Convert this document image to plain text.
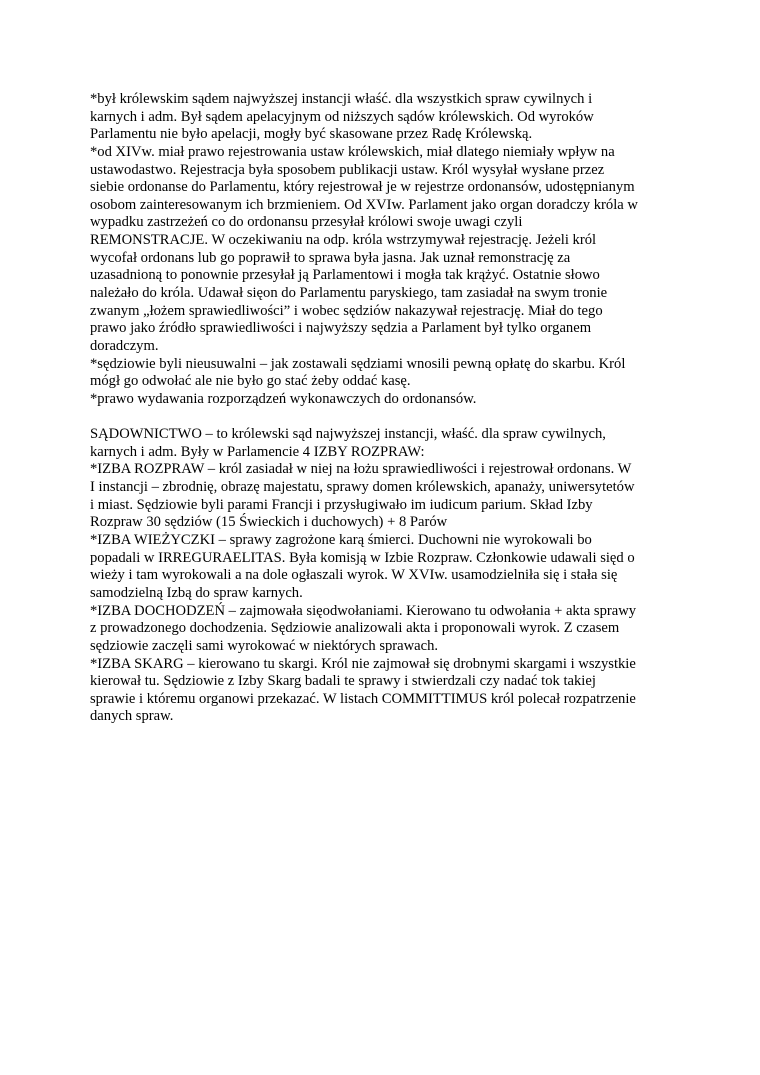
*był królewskim sądem najwyższej instancji właść. dla wszystkich spraw cywilnych i
karnych i adm. Był sądem apelacyjnym od niższych sądów królewskich. Od wyroków
Parlamentu nie było apelacji, mogły być skasowane przez Radę Królewską.
*od XIVw. miał prawo rejestrowania ustaw królewskich, miał dlatego niemiały wpływ na
ustawodastwo. Rejestracja była sposobem publikacji ustaw. Król wysyłał wysłane przez
siebie ordonanse do Parlamentu, który rejestrował je w rejestrze ordonansów, udostępnianym
osobom zainteresowanym ich brzmieniem. Od XVIw. Parlament jako organ doradczy króla w
wypadku zastrzeżeń co do ordonansu przesyłał królowi swoje uwagi czyli
REMONSTRACJE. W oczekiwaniu na odp. króla wstrzymywał rejestrację. Jeżeli król
wycofał ordonans lub go poprawił to sprawa była jasna. Jak uznał remonstrację za
uzasadnioną to ponownie przesyłał ją Parlamentowi i mogła tak krążyć. Ostatnie słowo
należało do króla. Udawał sięon do Parlamentu paryskiego, tam zasiadał na swym tronie
zwanym „łożem sprawiedliwości” i wobec sędziów nakazywał rejestrację. Miał do tego
prawo jako źródło sprawiedliwości i najwyższy sędzia a Parlament był tylko organem
doradczym.
*sędziowie byli nieusuwalni – jak zostawali sędziami wnosili pewną opłatę do skarbu. Król
mógł go odwołać ale nie było go stać żeby oddać kasę.
*prawo wydawania rozporządzeń wykonawczych do ordonansów.
SĄDOWNICTWO – to królewski sąd najwyższej instancji, właść. dla spraw cywilnych,
karnych i adm. Były w Parlamencie 4 IZBY ROZPRAW:
*IZBA ROZPRAW – król zasiadał w niej na łożu sprawiedliwości i rejestrował ordonans. W
I instancji – zbrodnię, obrazę majestatu, sprawy domen królewskich, apanaży, uniwersytetów
i miast. Sędziowie byli parami Francji i przysługiwało im iudicum parium. Skład Izby
Rozpraw 30 sędziów (15 Świeckich i duchowych) + 8 Parów
*IZBA WIEŻYCZKI – sprawy zagrożone karą śmierci. Duchowni nie wyrokowali bo
popadali w IRREGURAELITAS. Była komisją w Izbie Rozpraw. Członkowie udawali sięd o
wieży i tam wyrokowali a na dole ogłaszali wyrok. W XVIw. usamodzielniła się i stała się
samodzielną Izbą do spraw karnych.
*IZBA DOCHODZEŃ – zajmowała sięodwołaniami. Kierowano tu odwołania + akta sprawy
z prowadzonego dochodzenia. Sędziowie analizowali akta i proponowali wyrok. Z czasem
sędziowie zaczęli sami wyrokować w niektórych sprawach.
*IZBA SKARG – kierowano tu skargi. Król nie zajmował się drobnymi skargami i wszystkie
kierował tu. Sędziowie z Izby Skarg badali te sprawy i stwierdzali czy nadać tok takiej
sprawie i któremu organowi przekazać. W listach COMMITTIMUS król polecał rozpatrzenie
danych spraw.
